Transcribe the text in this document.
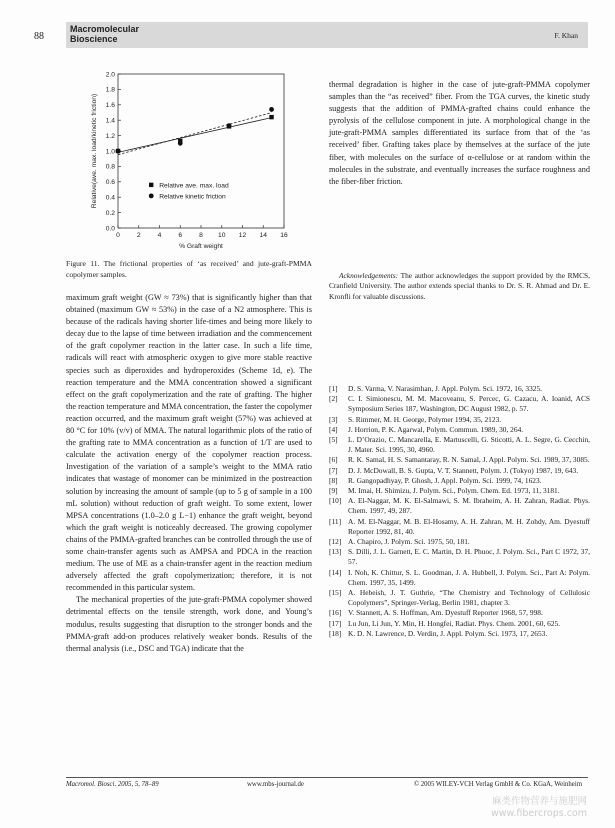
88
Macromolecular
Bioscience	F. Khan
0	2	4	6	8 10 12 14 16
0.0
0.2
0.4
0.6
0.8
1.0
1.2
1.4
1.6
1.8
2.0
% Graft weight
Relative(ave. max. load/kinetic friction)	Relative ave. max. load
Relative kinetic friction
Figure 11. The frictional properties of ‘as received’ and jute-graft-PMMA copolymer samples.

maximum graft weight (GW ≈ 73%) that is significantly higher than that obtained (maximum GW ≈ 53%) in the case of a N2 atmosphere. This is because of the radicals having shorter life-times and being more likely to decay due to the lapse of time between irradiation and the commencement of the graft copolymer reaction in the latter case. In such a life time, radicals will react with atmospheric oxygen to give more stable reactive species such as diperoxides and hydroperoxides (Scheme 1d, e). The reaction temperature and the MMA concentration showed a significant effect on the graft copolymerization and the rate of grafting. The higher the reaction temperature and MMA concentration, the faster the copolymer reaction occurred, and the maximum graft weight (57%) was achieved at 80 °C for 10% (v/v) of MMA. The natural logarithmic plots of the ratio of the grafting rate to MMA concentration as a function of 1/T are used to calculate the activation energy of the copolymer reaction process. Investigation of the variation of a sample’s weight to the MMA ratio indicates that wastage of monomer can be minimized in the postreaction solution by increasing the amount of sample (up to 5 g of sample in a 100 mL solution) without reduction of graft weight. To some extent, lower MPSA concentrations (1.0–2.0 g L−1) enhance the graft weight, beyond which the graft weight is noticeably decreased. The growing copolymer chains of the PMMA-grafted branches can be controlled through the use of some chain-transfer agents such as AMPSA and PDCA in the reaction medium. The use of ME as a chain-transfer agent in the reaction medium adversely affected the graft copolymerization; therefore, it is not recommended in this particular system.

The mechanical properties of the jute-graft-PMMA copolymer showed detrimental effects on the tensile strength, work done, and Young’s modulus, results suggesting that disruption to the stronger bonds and the PMMA-graft add-on produces relatively weaker bonds. Results of the thermal analysis (i.e., DSC and TGA) indicate that the

thermal degradation is higher in the case of jute-graft-PMMA copolymer samples than the “as received” fiber. From the TGA curves, the kinetic study suggests that the addition of PMMA-grafted chains could enhance the pyrolysis of the cellulose component in jute. A morphological change in the jute-graft-PMMA samples differentiated its surface from that of the ‘as received’ fiber. Grafting takes place by themselves at the surface of the jute fiber, with molecules on the surface of α-cellulose or at random within the molecules in the substrate, and eventually increases the surface roughness and the fiber-fiber friction.

Acknowledgements: The author acknowledges the support provided by the RMCS, Cranfield University. The author extends special thanks to Dr. S. R. Ahmad and Dr. E. Kronfli for valuable discussions.

[1] D. S. Varma, V. Narasimhan, J. Appl. Polym. Sci. 1972, 16, 3325.
[2] C. I. Simionescu, M. M. Macoveanu, S. Percec, G. Cazacu, A. Ioanid, ACS Symposium Series 187, Washington, DC August 1982, p. 57.
[3] S. Rimmer, M. H. George, Polymer 1994, 35, 2123.
[4] J. Horrion, P. K. Agarwal, Polym. Commun. 1989, 30, 264.
[5] L. D’Orazio, C. Mancarella, E. Martuscelli, G. Sticotti, A. L. Segre, G. Cecchin, J. Mater. Sci. 1995, 30, 4960.
[6] R. K. Samal, H. S. Samantaray, R. N. Samal, J. Appl. Polym. Sci. 1989, 37, 3085.
[7] D. J. McDowall, B. S. Gupta, V. T. Stannett, Polym. J. (Tokyo) 1987, 19, 643.
[8] R. Gangopadhyay, P. Ghosh, J. Appl. Polym. Sci. 1999, 74, 1623.
[9] M. Imai, H. Shimizu, J. Polym. Sci., Polym. Chem. Ed. 1973, 11, 3181.
[10] A. El-Naggar, M. K. El-Salmawi, S. M. Ibraheim, A. H. Zahran, Radiat. Phys. Chem. 1997, 49, 287.
[11] A. M. El-Naggar, M. B. El-Hosamy, A. H. Zahran, M. H. Zohdy, Am. Dyestuff Reporter 1992, 81, 40.
[12] A. Chapiro, J. Polym. Sci. 1975, 50, 181.
[13] S. Dilli, J. L. Garnett, E. C. Martin, D. H. Phuoc, J. Polym. Sci., Part C 1972, 37, 57.
[14] I. Noh, K. Chittur, S. L. Goodman, J. A. Hubbell, J. Polym. Sci., Part A: Polym. Chem. 1997, 35, 1499.
[15] A. Hebeish, J. T. Guthrie, “The Chemistry and Technology of Cellulosic Copolymers”, Springer-Verlag, Berlin 1981, chapter 3.
[16] V. Stannett, A. S. Hoffman, Am. Dyestuff Reporter 1968, 57, 998.
[17] Lu Jun, Li Jun, Y. Min, H. Hongfei, Radiat. Phys. Chem. 2001, 60, 625.
[18] K. D. N. Lawrence, D. Verdin, J. Appl. Polym. Sci. 1973, 17, 2653.
Macromol. Biosci. 2005, 5, 78–89	www.mbs-journal.de	© 2005 WILEY-VCH Verlag GmbH & Co. KGaA, Weinheim
麻类作物营养与施肥网
www.fibercrops.com
